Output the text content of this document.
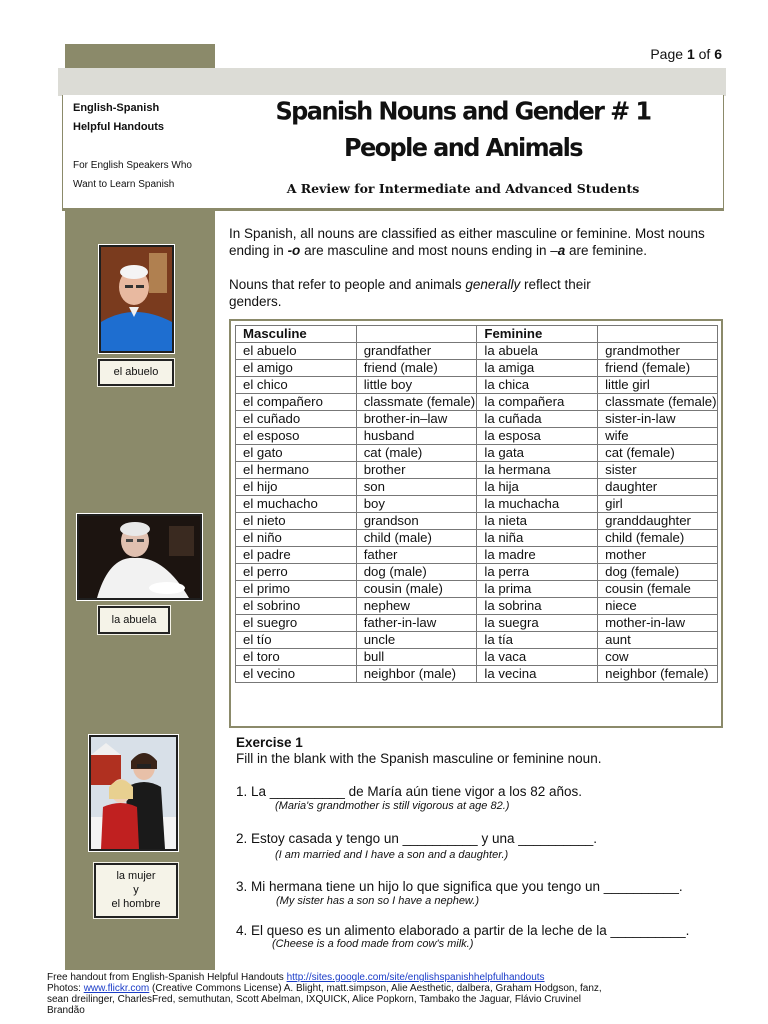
Page 1 of 6
English-Spanish
Helpful Handouts
For English Speakers Who
Want to Learn Spanish
Spanish Nouns and Gender # 1
People and Animals
A Review for Intermediate and Advanced Students
el abuelo
la abuela
la mujer
y
el hombre
In Spanish, all nouns are classified as either masculine or feminine. Most nouns ending in -o are masculine and most nouns ending in –a are feminine.
Nouns that refer to people and animals generally reflect their genders.
Masculine		Feminine	
el abuelo	grandfather	la abuela	grandmother
el amigo	friend (male)	la amiga	friend (female)
el chico	little boy	la chica	little girl
el compañero	classmate (female)	la compañera	classmate (female)
el cuñado	brother-in–law	la cuñada	sister-in-law
el esposo	husband	la esposa	wife
el gato	cat (male)	la gata	cat (female)
el hermano	brother	la hermana	sister
el hijo	son	la hija	daughter
el muchacho	boy	la muchacha	girl
el nieto	grandson	la nieta	granddaughter
el niño	child (male)	la niña	child (female)
el padre	father	la madre	mother
el perro	dog (male)	la perra	dog (female)
el primo	cousin (male)	la prima	cousin (female
el sobrino	nephew	la sobrina	niece
el suegro	father-in-law	la suegra	mother-in-law
el tío	uncle	la tía	aunt
el toro	bull	la vaca	cow
el vecino	neighbor (male)	la vecina	neighbor (female)
Exercise 1
Fill in the blank with the Spanish masculine or feminine noun.
1. La __________ de María aún tiene vigor a los 82 años.
(Maria's grandmother is still vigorous at age 82.)
2. Estoy casada y tengo un __________ y una __________.
(I am married and I have a son and a daughter.)
3. Mi hermana tiene un hijo lo que significa que you tengo un __________.
(My sister has a son so I have a nephew.)
4. El queso es un alimento elaborado a partir de la leche de la __________.
(Cheese is a food made from cow's milk.)
Free handout from English-Spanish Helpful Handouts http://sites.google.com/site/englishspanishhelpfulhandouts
Photos: www.flickr.com (Creative Commons License) A. Blight, matt.simpson, Alie Aesthetic, dalbera, Graham Hodgson, fanz, sean dreilinger, CharlesFred, semuthutan, Scott Abelman, IXQUICK, Alice Popkorn, Tambako the Jaguar, Flávio Cruvinel Brandão
